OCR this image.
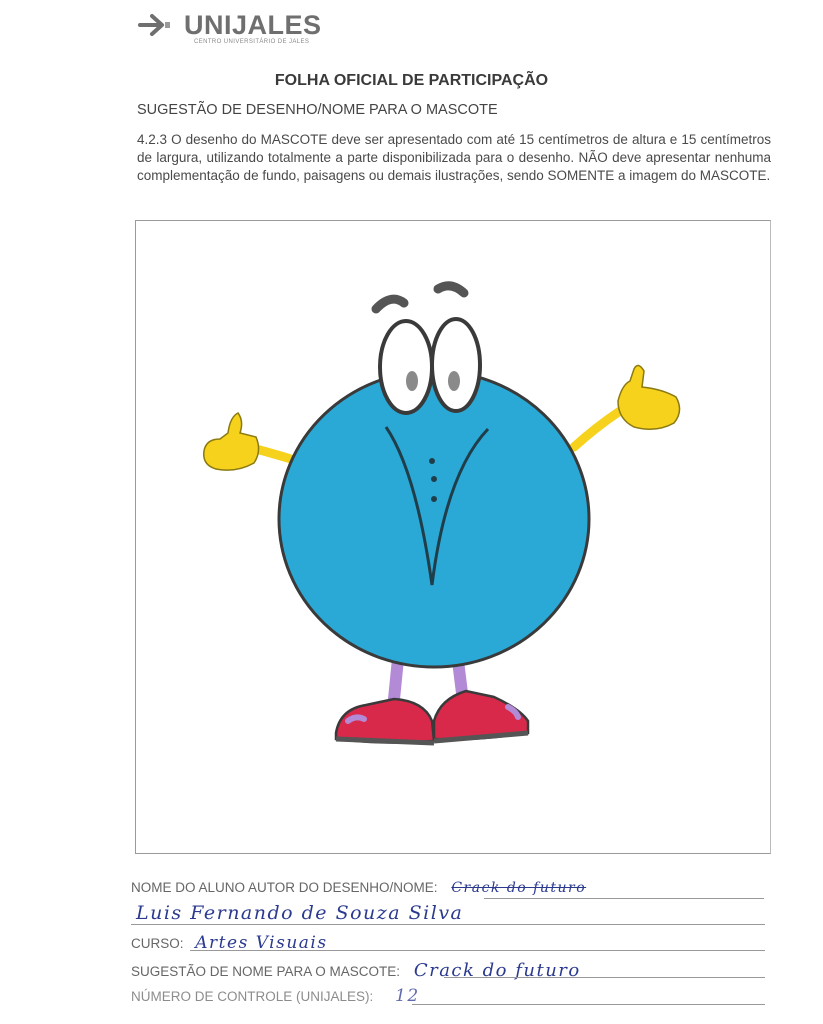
UNIJALES
CENTRO UNIVERSITÁRIO DE JALES
FOLHA OFICIAL DE PARTICIPAÇÃO
SUGESTÃO DE DESENHO/NOME PARA O MASCOTE
4.2.3 O desenho do MASCOTE deve ser apresentado com até 15 centímetros de altura e 15 centímetros de largura, utilizando totalmente a parte disponibilizada para o desenho. NÃO deve apresentar nenhuma complementação de fundo, paisagens ou demais ilustrações, sendo SOMENTE a imagem do MASCOTE.
NOME DO ALUNO AUTOR DO DESENHO/NOME: Crack do futuro
Luis Fernando de Souza Silva
CURSO: Artes Visuais
SUGESTÃO DE NOME PARA O MASCOTE: Crack do futuro
NÚMERO DE CONTROLE (UNIJALES): 12
